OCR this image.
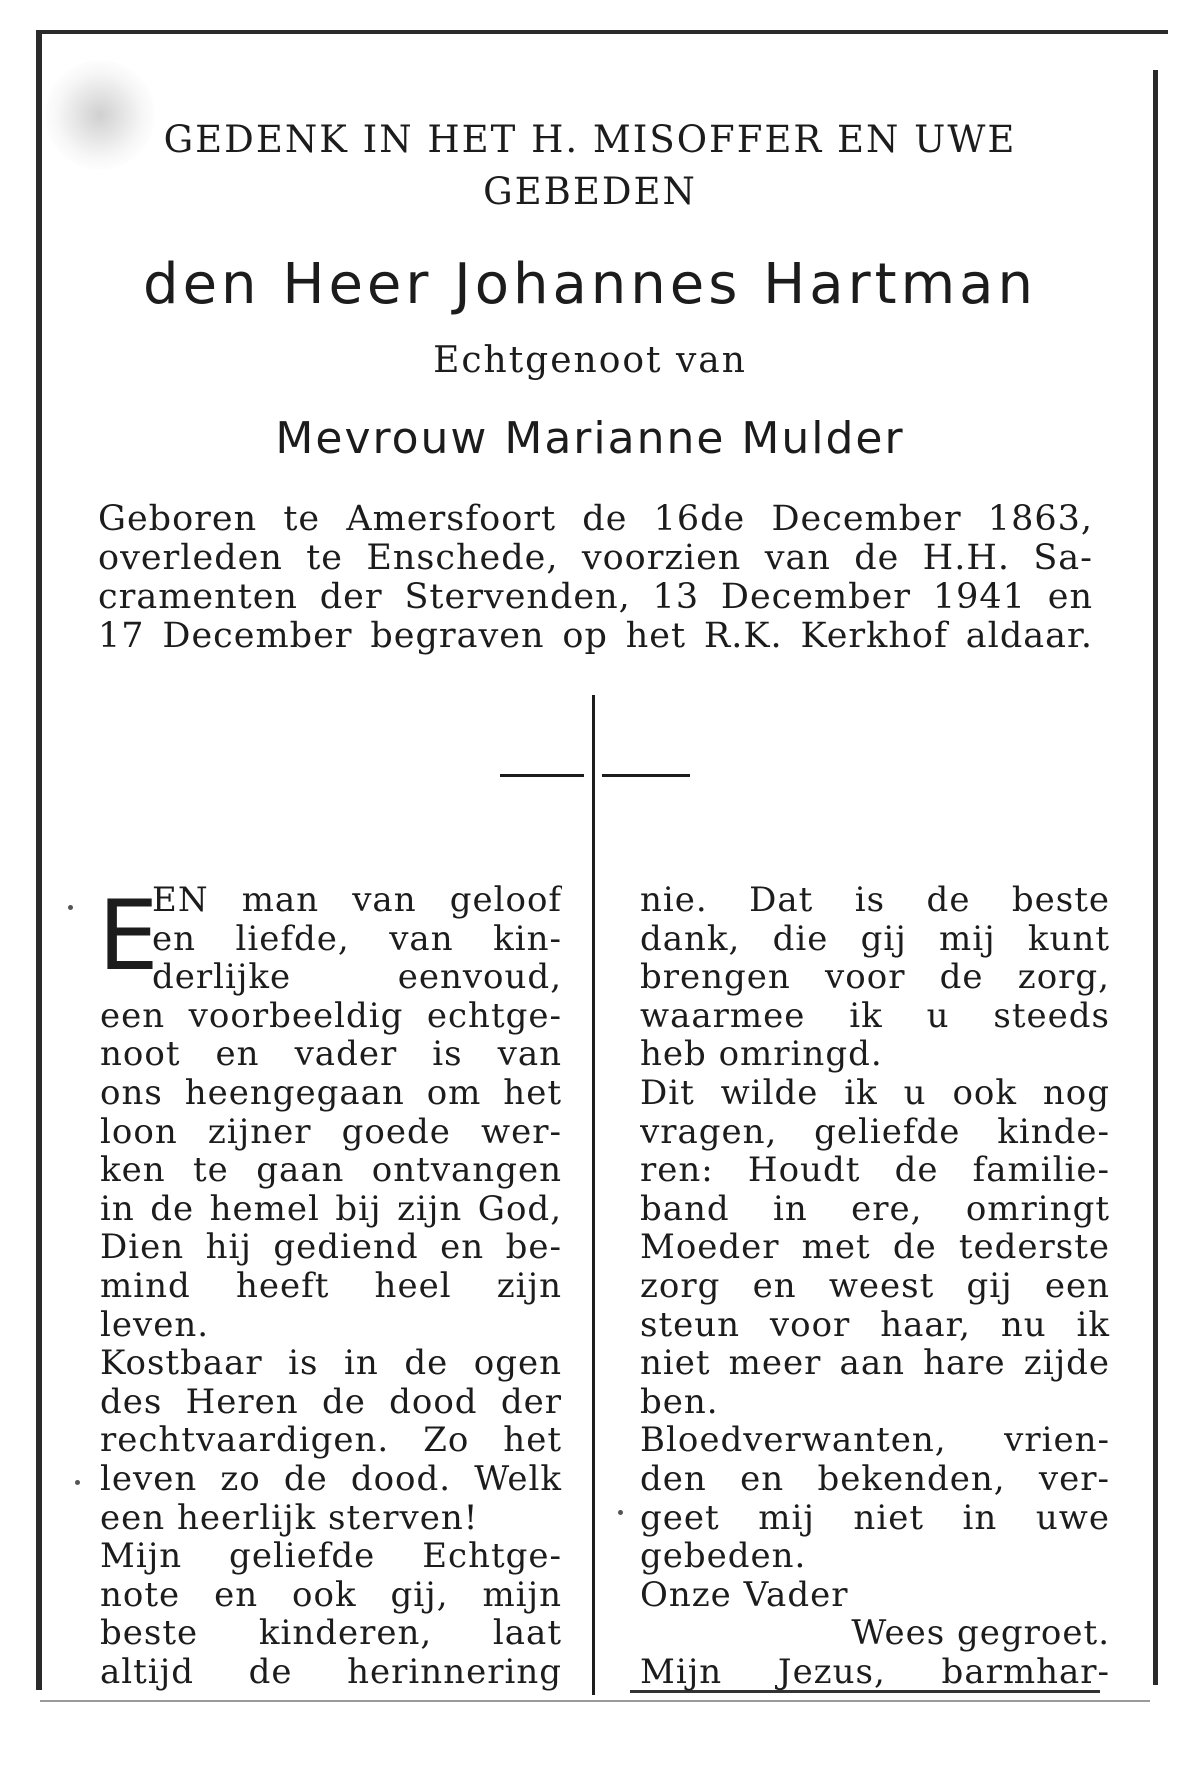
GEDENK IN HET H. MISOFFER EN UWE
GEBEDEN
den Heer Johannes Hartman
Echtgenoot van
Mevrouw Marianne Mulder
Geboren te Amersfoort de 16de December 1863,
overleden te Enschede, voorzien van de H.H. Sa-
cramenten der Stervenden, 13 December 1941 en
17 December begraven op het R.K. Kerkhof aldaar.
EN man van geloof
en liefde, van kin-
derlijke eenvoud,
een voorbeeldig echtge-
noot en vader is van
ons heengegaan om het
loon zijner goede wer-
ken te gaan ontvangen
in de hemel bij zijn God,
Dien hij gediend en be-
mind heeft heel zijn
leven.
Kostbaar is in de ogen
des Heren de dood der
rechtvaardigen. Zo het
leven zo de dood. Welk
een heerlijk sterven!
Mijn geliefde Echtge-
note en ook gij, mijn
beste kinderen, laat
altijd de herinnering
nie. Dat is de beste
dank, die gij mij kunt
brengen voor de zorg,
waarmee ik u steeds
heb omringd.
Dit wilde ik u ook nog
vragen, geliefde kinde-
ren: Houdt de familie-
band in ere, omringt
Moeder met de tederste
zorg en weest gij een
steun voor haar, nu ik
niet meer aan hare zijde
ben.
Bloedverwanten, vrien-
den en bekenden, ver-
geet mij niet in uwe
gebeden.
Onze Vader
Wees gegroet.
Mijn Jezus, barmhar-
E
